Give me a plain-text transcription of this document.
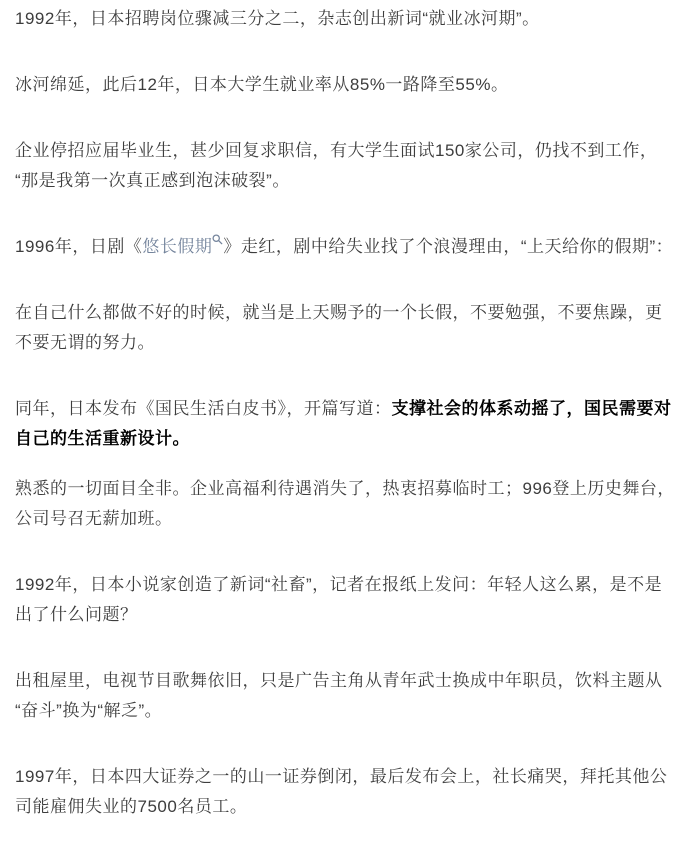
1992年，日本招聘岗位骤减三分之二，杂志创出新词“就业冰河期”。

冰河绵延，此后12年，日本大学生就业率从85%一路降至55%。

企业停招应届毕业生，甚少回复求职信，有大学生面试150家公司，仍找不到工作，“那是我第一次真正感到泡沫破裂”。

1996年，日剧《悠长假期 》走红，剧中给失业找了个浪漫理由，“上天给你的假期”：

在自己什么都做不好的时候，就当是上天赐予的一个长假，不要勉强，不要焦躁，更不要无谓的努力。

同年，日本发布《国民生活白皮书》，开篇写道：支撑社会的体系动摇了，国民需要对自己的生活重新设计。

熟悉的一切面目全非。企业高福利待遇消失了，热衷招募临时工；996登上历史舞台，公司号召无薪加班。

1992年，日本小说家创造了新词“社畜”，记者在报纸上发问：年轻人这么累，是不是出了什么问题？

出租屋里，电视节目歌舞依旧，只是广告主角从青年武士换成中年职员，饮料主题从“奋斗”换为“解乏”。

1997年，日本四大证券之一的山一证券倒闭，最后发布会上，社长痛哭，拜托其他公司能雇佣失业的7500名员工。
